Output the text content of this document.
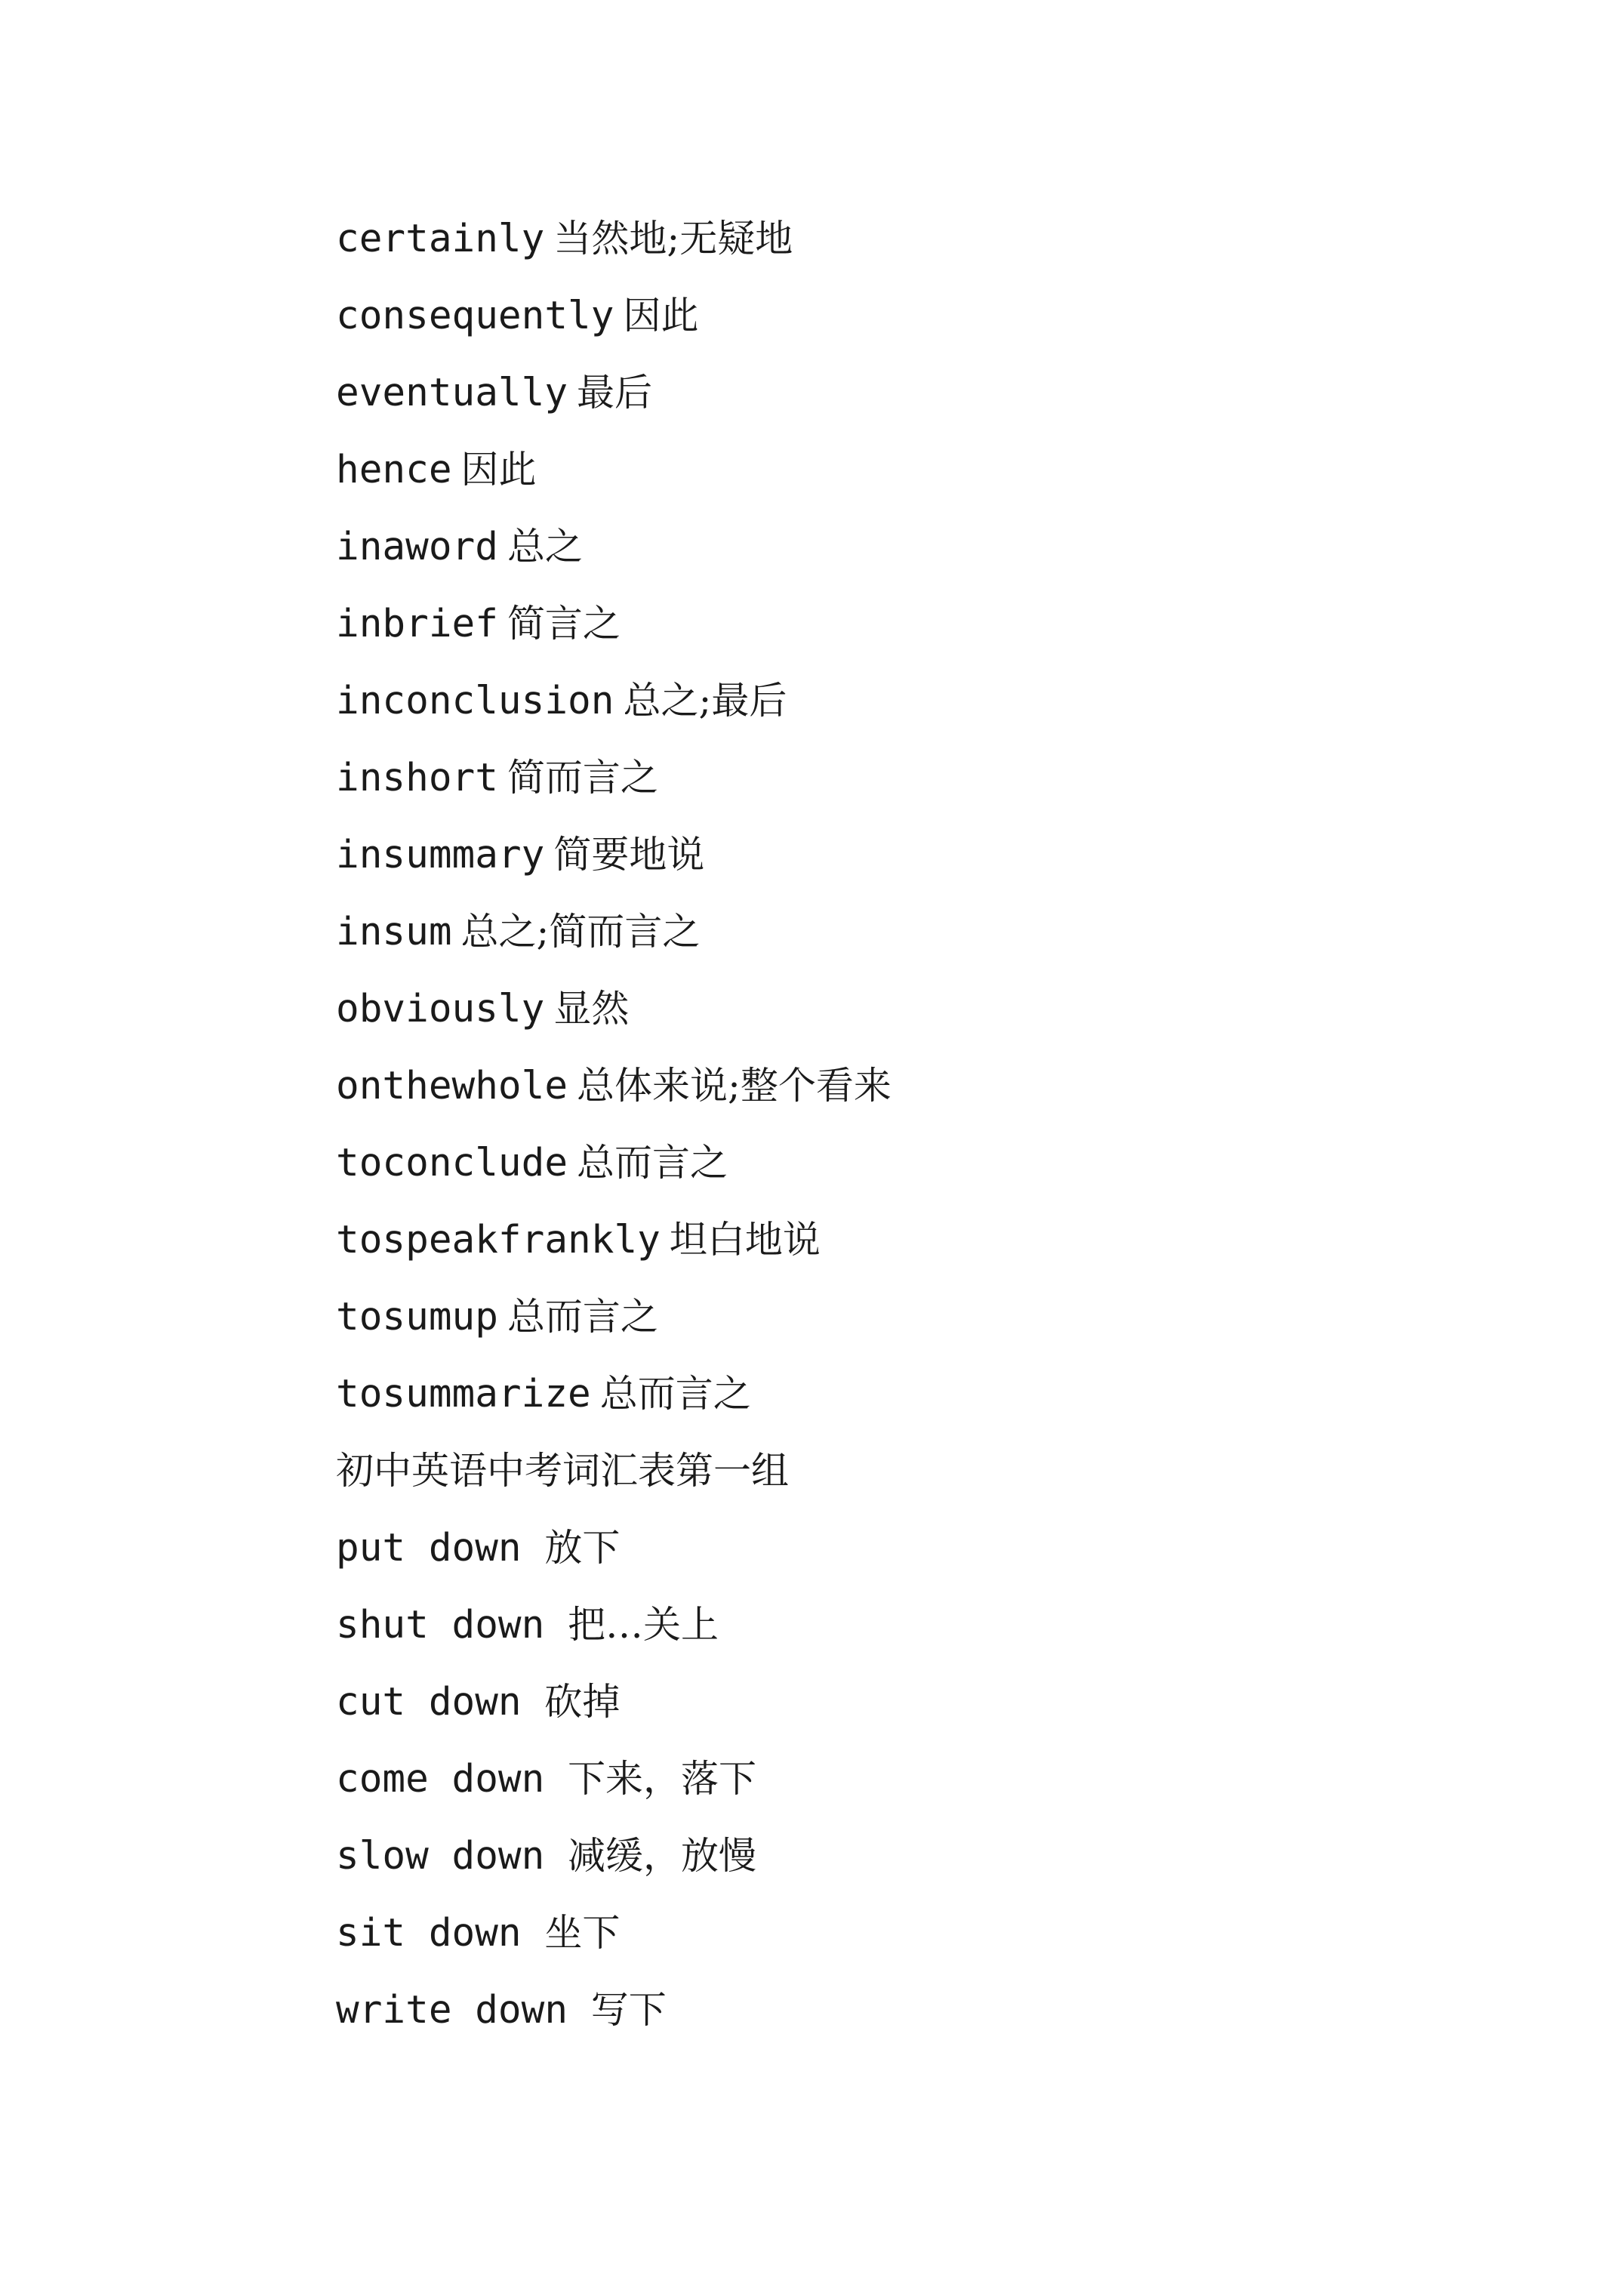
certainly 当然地;无疑地
consequently 因此
eventually 最后
hence 因此
inaword 总之
inbrief 简言之
inconclusion 总之;最后
inshort 简而言之
insummary 简要地说
insum 总之;简而言之
obviously 显然
onthewhole 总体来说;整个看来
toconclude 总而言之
tospeakfrankly 坦白地说
tosumup 总而言之
tosummarize 总而言之
初中英语中考词汇表第一组
put down 放下
shut down 把…关上
cut down 砍掉
come down 下来，落下
slow down 减缓，放慢
sit down 坐下
write down 写下
